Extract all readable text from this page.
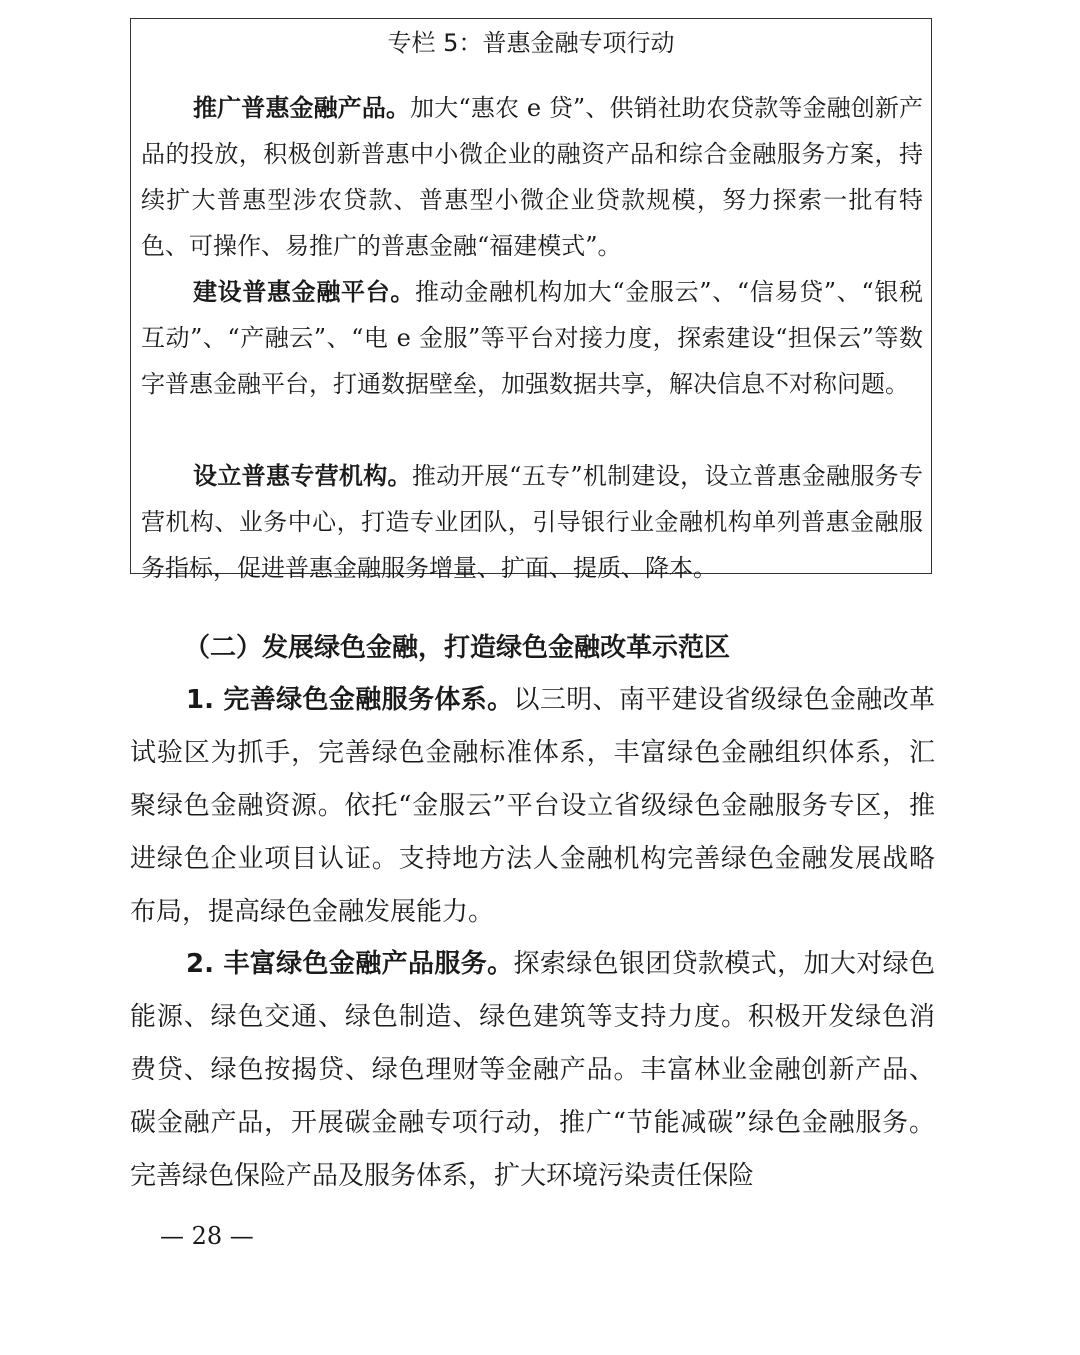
专栏 5：普惠金融专项行动

推广普惠金融产品。加大“惠农 e 贷”、供销社助农贷款等金融创新产品的投放，积极创新普惠中小微企业的融资产品和综合金融服务方案，持续扩大普惠型涉农贷款、普惠型小微企业贷款规模，努力探索一批有特色、可操作、易推广的普惠金融“福建模式”。

建设普惠金融平台。推动金融机构加大“金服云”、“信易贷”、“银税互动”、“产融云”、“电 e 金服”等平台对接力度，探索建设“担保云”等数字普惠金融平台，打通数据壁垒，加强数据共享，解决信息不对称问题。

设立普惠专营机构。推动开展“五专”机制建设，设立普惠金融服务专营机构、业务中心，打造专业团队，引导银行业金融机构单列普惠金融服务指标，促进普惠金融服务增量、扩面、提质、降本。

（二）发展绿色金融，打造绿色金融改革示范区

1. 完善绿色金融服务体系。以三明、南平建设省级绿色金融改革试验区为抓手，完善绿色金融标准体系，丰富绿色金融组织体系，汇聚绿色金融资源。依托“金服云”平台设立省级绿色金融服务专区，推进绿色企业项目认证。支持地方法人金融机构完善绿色金融发展战略布局，提高绿色金融发展能力。

2. 丰富绿色金融产品服务。探索绿色银团贷款模式，加大对绿色能源、绿色交通、绿色制造、绿色建筑等支持力度。积极开发绿色消费贷、绿色按揭贷、绿色理财等金融产品。丰富林业金融创新产品、碳金融产品，开展碳金融专项行动，推广“节能减碳”绿色金融服务。完善绿色保险产品及服务体系，扩大环境污染责任保险

— 28 —
